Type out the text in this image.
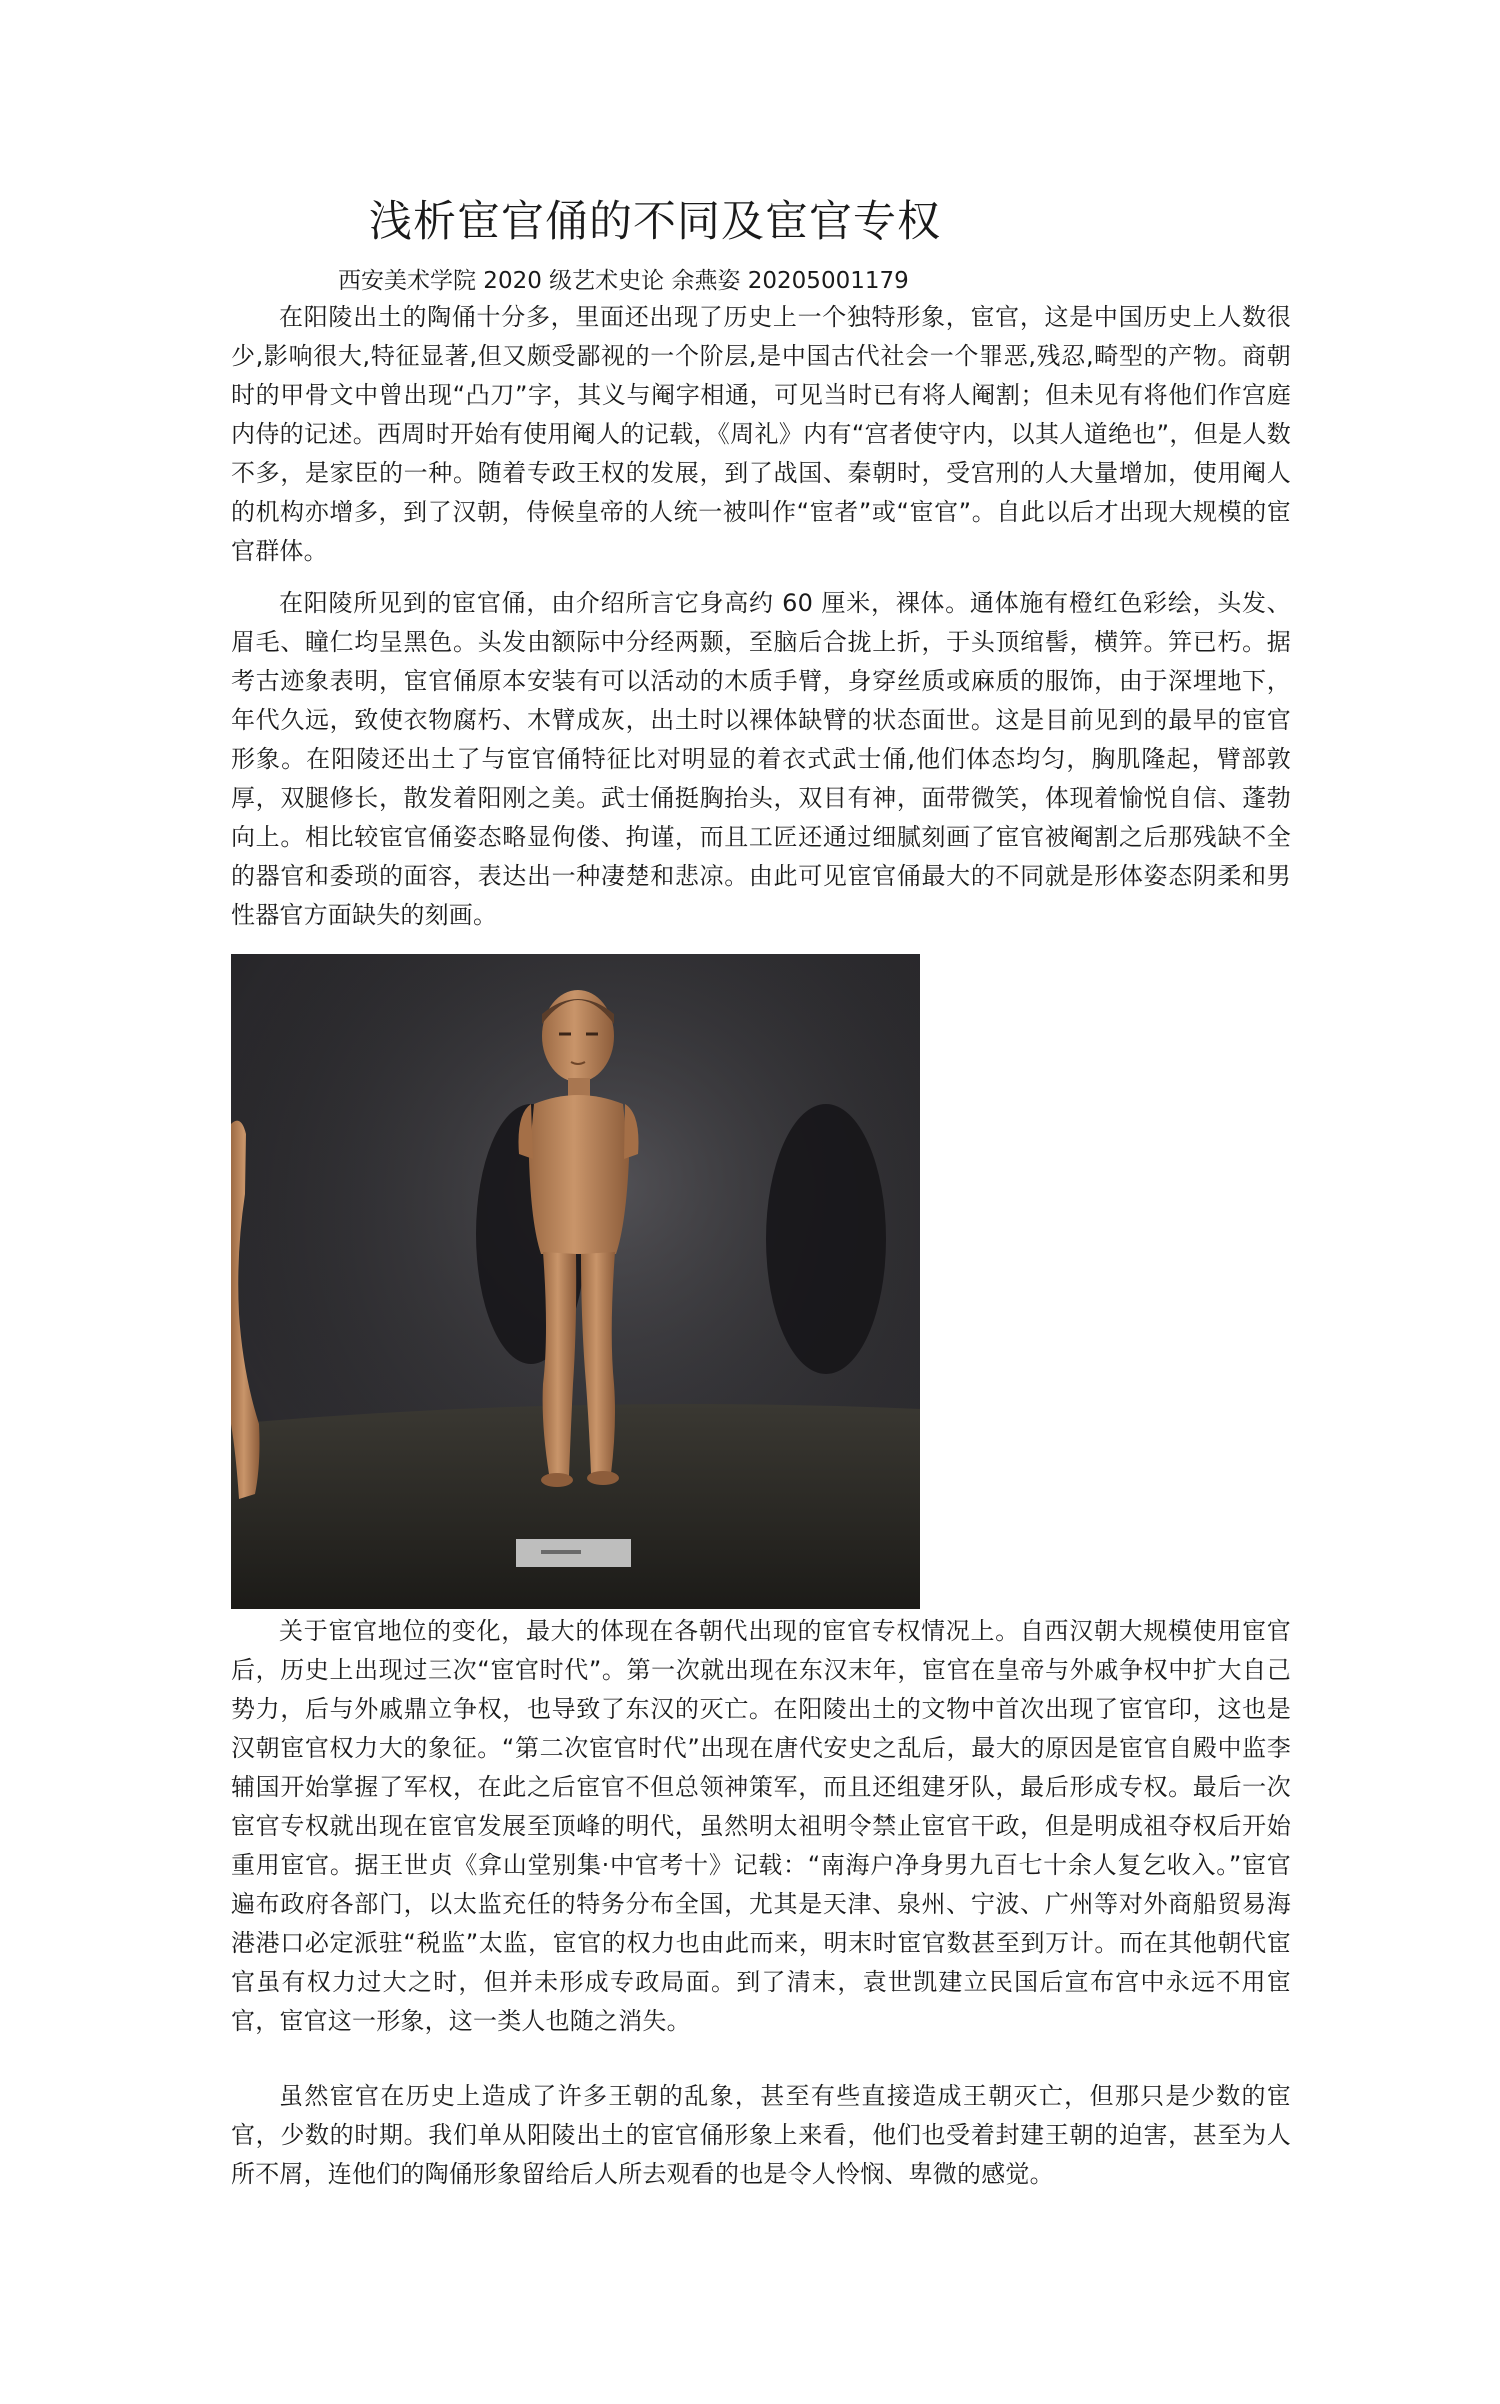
浅析宦官俑的不同及宦官专权
西安美术学院 2020 级艺术史论 余燕姿 20205001179

在阳陵出土的陶俑十分多，里面还出现了历史上一个独特形象，宦官，这是中国历史上人数很少,影响很大,特征显著,但又颇受鄙视的一个阶层,是中国古代社会一个罪恶,残忍,畸型的产物。商朝时的甲骨文中曾出现“凸刀”字，其义与阉字相通，可见当时已有将人阉割；但未见有将他们作宫庭内侍的记述。西周时开始有使用阉人的记载，《周礼》内有“宫者使守内，以其人道绝也”，但是人数不多，是家臣的一种。随着专政王权的发展，到了战国、秦朝时，受宫刑的人大量增加，使用阉人的机构亦增多，到了汉朝，侍候皇帝的人统一被叫作“宦者”或“宦官”。自此以后才出现大规模的宦官群体。

在阳陵所见到的宦官俑，由介绍所言它身高约 60 厘米，裸体。通体施有橙红色彩绘，头发、眉毛、瞳仁均呈黑色。头发由额际中分经两颞，至脑后合拢上折，于头顶绾髻，横笄。笄已朽。据考古迹象表明，宦官俑原本安装有可以活动的木质手臂，身穿丝质或麻质的服饰，由于深埋地下，年代久远，致使衣物腐朽、木臂成灰，出土时以裸体缺臂的状态面世。这是目前见到的最早的宦官形象。在阳陵还出土了与宦官俑特征比对明显的着衣式武士俑,他们体态均匀，胸肌隆起，臂部敦厚，双腿修长，散发着阳刚之美。武士俑挺胸抬头，双目有神，面带微笑，体现着愉悦自信、蓬勃向上。相比较宦官俑姿态略显佝偻、拘谨，而且工匠还通过细腻刻画了宦官被阉割之后那残缺不全的器官和委琐的面容，表达出一种凄楚和悲凉。由此可见宦官俑最大的不同就是形体姿态阴柔和男性器官方面缺失的刻画。

关于宦官地位的变化，最大的体现在各朝代出现的宦官专权情况上。自西汉朝大规模使用宦官后，历史上出现过三次“宦官时代”。第一次就出现在东汉末年，宦官在皇帝与外戚争权中扩大自己势力，后与外戚鼎立争权，也导致了东汉的灭亡。在阳陵出土的文物中首次出现了宦官印，这也是汉朝宦官权力大的象征。“第二次宦官时代”出现在唐代安史之乱后，最大的原因是宦官自殿中监李辅国开始掌握了军权，在此之后宦官不但总领神策军，而且还组建牙队，最后形成专权。最后一次宦官专权就出现在宦官发展至顶峰的明代，虽然明太祖明令禁止宦官干政，但是明成祖夺权后开始重用宦官。据王世贞《弇山堂别集·中官考十》记载：“南海户净身男九百七十余人复乞收入。”宦官遍布政府各部门，以太监充任的特务分布全国，尤其是天津、泉州、宁波、广州等对外商船贸易海港港口必定派驻“税监”太监，宦官的权力也由此而来，明末时宦官数甚至到万计。而在其他朝代宦官虽有权力过大之时，但并未形成专政局面。到了清末，袁世凯建立民国后宣布宫中永远不用宦官，宦官这一形象，这一类人也随之消失。

虽然宦官在历史上造成了许多王朝的乱象，甚至有些直接造成王朝灭亡，但那只是少数的宦官，少数的时期。我们单从阳陵出土的宦官俑形象上来看，他们也受着封建王朝的迫害，甚至为人所不屑，连他们的陶俑形象留给后人所去观看的也是令人怜悯、卑微的感觉。
